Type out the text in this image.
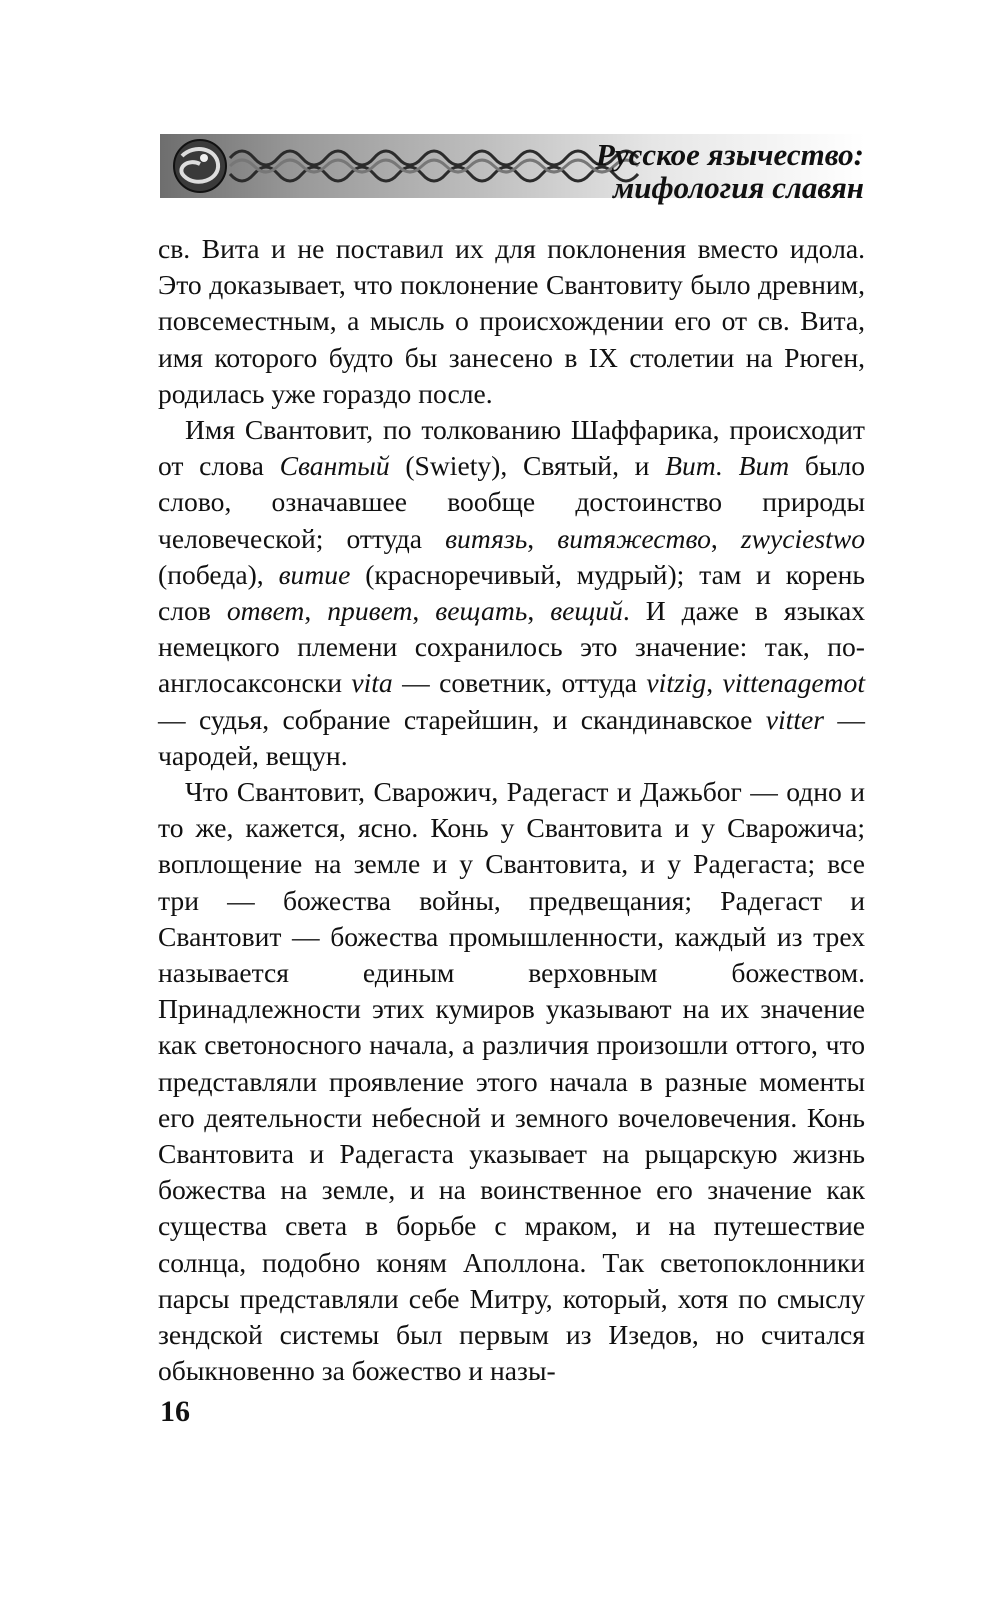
Русское язычество:
мифология славян

св. Вита и не поставил их для поклонения вместо идола. Это доказывает, что поклонение Свантовиту было древним, повсеместным, а мысль о происхождении его от св. Вита, имя которого будто бы занесено в IX столетии на Рюген, родилась уже гораздо после.

Имя Свантовит, по толкованию Шаффарика, происходит от слова Свантый (Swiety), Святый, и Вит. Вит было слово, означавшее вообще достоинство природы человеческой; оттуда витязь, витяжество, zwyciestwo (победа), витие (красноречивый, мудрый); там и корень слов ответ, привет, вещать, вещий. И даже в языках немецкого племени сохранилось это значение: так, по-англосаксонски vita — советник, оттуда vitzig, vittenagemot — судья, собрание старейшин, и скандинавское vitter — чародей, вещун.

Что Свантовит, Сварожич, Радегаст и Дажьбог — одно и то же, кажется, ясно. Конь у Свантовита и у Сварожича; воплощение на земле и у Свантовита, и у Радегаста; все три — божества войны, предвещания; Радегаст и Свантовит — божества промышленности, каждый из трех называется единым верховным божеством. Принадлежности этих кумиров указывают на их значение как светоносного начала, а различия произошли оттого, что представляли проявление этого начала в разные моменты его деятельности небесной и земного вочеловечения. Конь Свантовита и Радегаста указывает на рыцарскую жизнь божества на земле, и на воинственное его значение как существа света в борьбе с мраком, и на путешествие солнца, подобно коням Аполлона. Так светопоклонники парсы представляли себе Митру, который, хотя по смыслу зендской системы был первым из Изедов, но считался обыкновенно за божество и назы-

16
